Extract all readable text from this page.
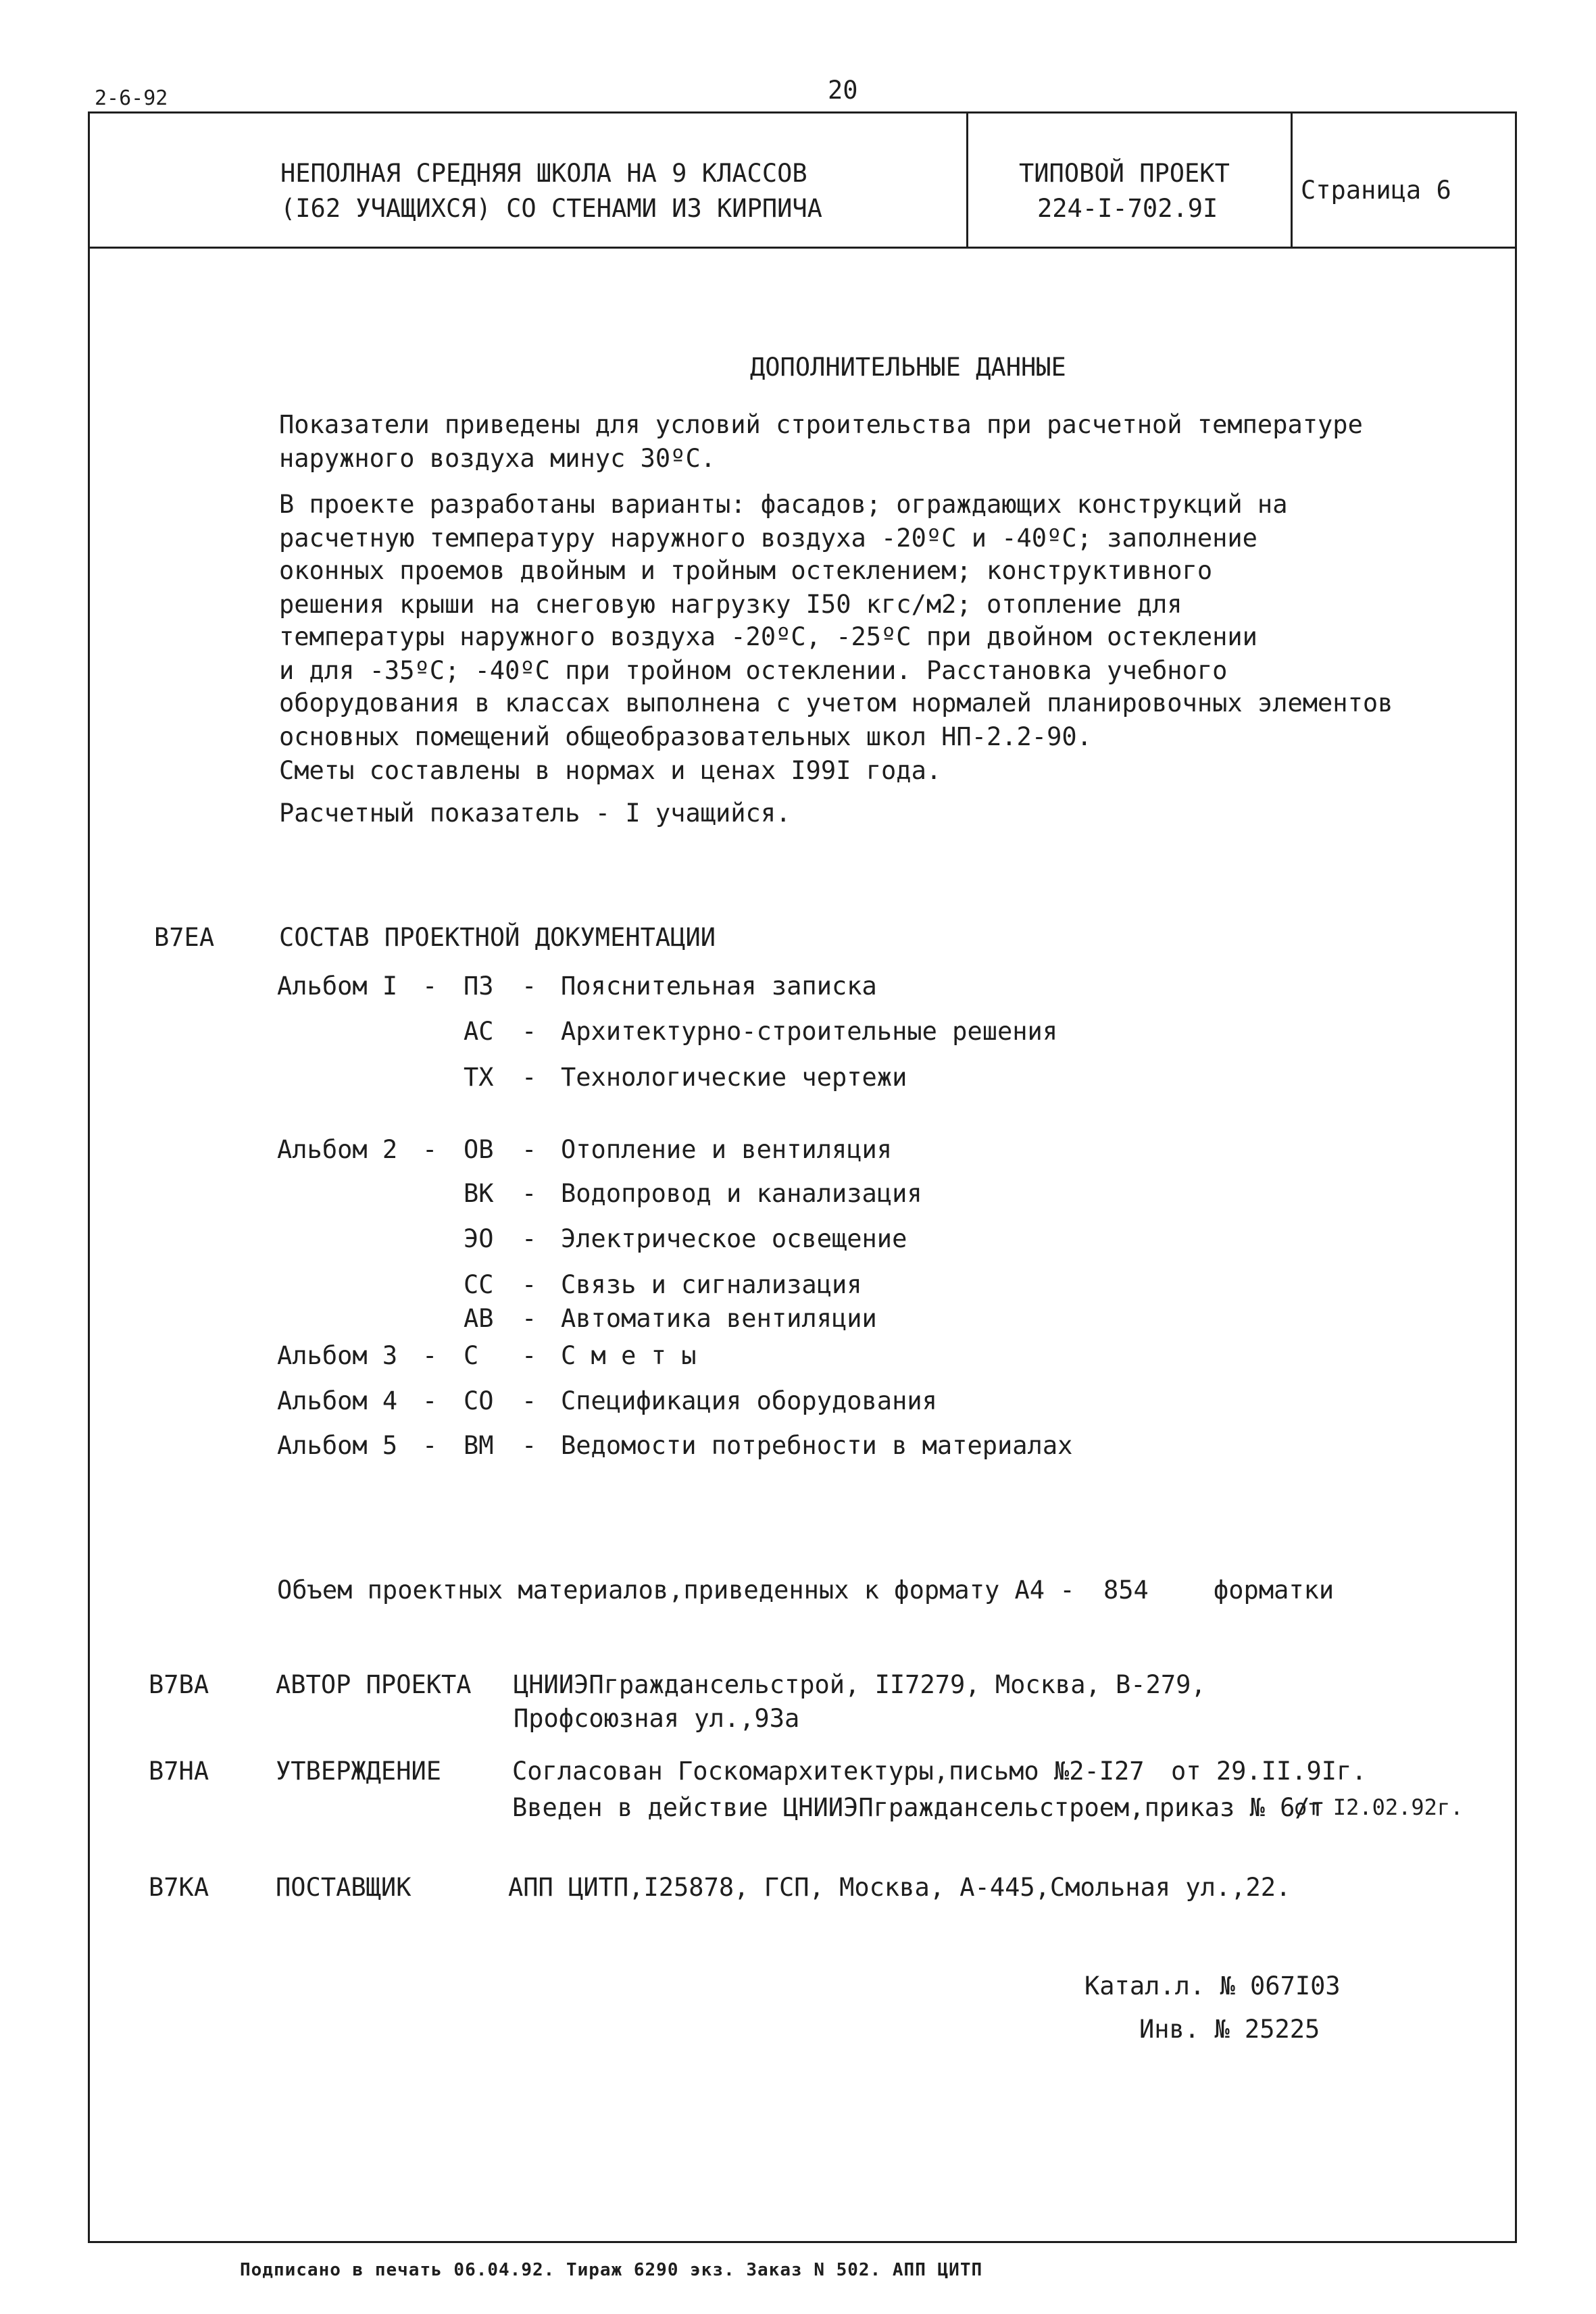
2-6-92	20
НЕПОЛНАЯ СРЕДНЯЯ ШКОЛА НА 9 КЛАССОВ
(I62 УЧАЩИХСЯ) СО СТЕНАМИ ИЗ КИРПИЧА
ТИПОВОЙ ПРОЕКТ
224-I-702.9I
Страница 6
ДОПОЛНИТЕЛЬНЫЕ ДАННЫЕ
Показатели приведены для условий строительства при расчетной температуре
наружного воздуха минус 30ºС.
В проекте разработаны варианты: фасадов; ограждающих конструкций на
расчетную температуру наружного воздуха -20ºС и -40ºС; заполнение
оконных проемов двойным и тройным остеклением; конструктивного
решения крыши на снеговую нагрузку I50 кгс/м2; отопление для
температуры наружного воздуха -20ºС, -25ºС при двойном остеклении
и для -35ºС; -40ºС при тройном остеклении. Расстановка учебного
оборудования в классах выполнена с учетом нормалей планировочных элементов
основных помещений общеобразовательных школ НП-2.2-90.
Сметы составлены в нормах и ценах I99I года.
Расчетный показатель - I учащийся.
В7ЕА	СОСТАВ ПРОЕКТНОЙ ДОКУМЕНТАЦИИ
Альбом I - ПЗ - Пояснительная записка
АС - Архитектурно-строительные решения
ТХ - Технологические чертежи
Альбом 2 - ОВ - Отопление и вентиляция
ВК - Водопровод и канализация
ЭО - Электрическое освещение
СС - Связь и сигнализация
АВ - Автоматика вентиляции
Альбом 3 - С - С м е т ы
Альбом 4 - СО - Спецификация оборудования
Альбом 5 - ВМ - Ведомости потребности в материалах
Объем проектных материалов,приведенных к формату А4 - 854	форматки
В7ВА	АВТОР ПРОЕКТА ЦНИИЭПграждансельстрой, II7279, Москва, В-279,
Профсоюзная ул.,93а
В7НА	УТВЕРЖДЕНИЕ	Согласован Госкомархитектуры,письмо №2-I27 от 29.II.9Iг.
Введен в действие ЦНИИЭПграждансельстроем,приказ № 6/т
от I2.02.92г.
В7КА	ПОСТАВЩИК	АПП ЦИТП,I25878, ГСП, Москва, А-445,Смольная ул.,22.
Катал.л. № 067I03
Инв. № 25225
Подписано в печать 06.04.92. Тираж 6290 экз. Заказ N 502. АПП ЦИТП
